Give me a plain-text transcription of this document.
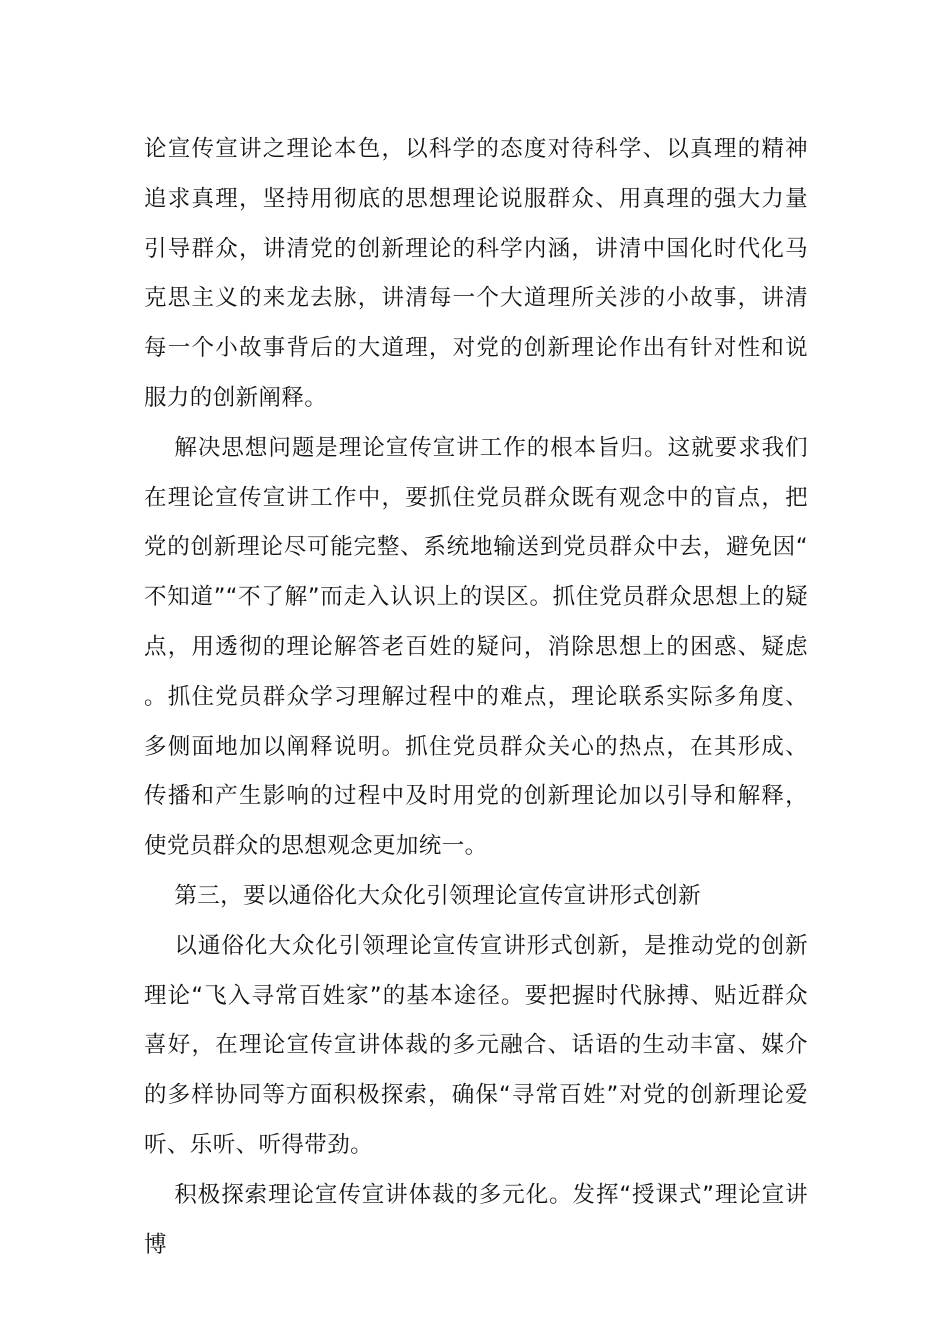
论宣传宣讲之理论本色，以科学的态度对待科学、以真理的精神追求真理，坚持用彻底的思想理论说服群众、用真理的强大力量引导群众，讲清党的创新理论的科学内涵，讲清中国化时代化马克思主义的来龙去脉，讲清每一个大道理所关涉的小故事，讲清每一个小故事背后的大道理，对党的创新理论作出有针对性和说服力的创新阐释。

解决思想问题是理论宣传宣讲工作的根本旨归。这就要求我们在理论宣传宣讲工作中，要抓住党员群众既有观念中的盲点，把党的创新理论尽可能完整、系统地输送到党员群众中去，避免因“不知道”“不了解”而走入认识上的误区。抓住党员群众思想上的疑点，用透彻的理论解答老百姓的疑问，消除思想上的困惑、疑虑。抓住党员群众学习理解过程中的难点，理论联系实际多角度、多侧面地加以阐释说明。抓住党员群众关心的热点，在其形成、传播和产生影响的过程中及时用党的创新理论加以引导和解释，使党员群众的思想观念更加统一。

第三，要以通俗化大众化引领理论宣传宣讲形式创新

以通俗化大众化引领理论宣传宣讲形式创新，是推动党的创新理论“飞入寻常百姓家”的基本途径。要把握时代脉搏、贴近群众喜好，在理论宣传宣讲体裁的多元融合、话语的生动丰富、媒介的多样协同等方面积极探索，确保“寻常百姓”对党的创新理论爱听、乐听、听得带劲。

积极探索理论宣传宣讲体裁的多元化。发挥“授课式”理论宣讲博
